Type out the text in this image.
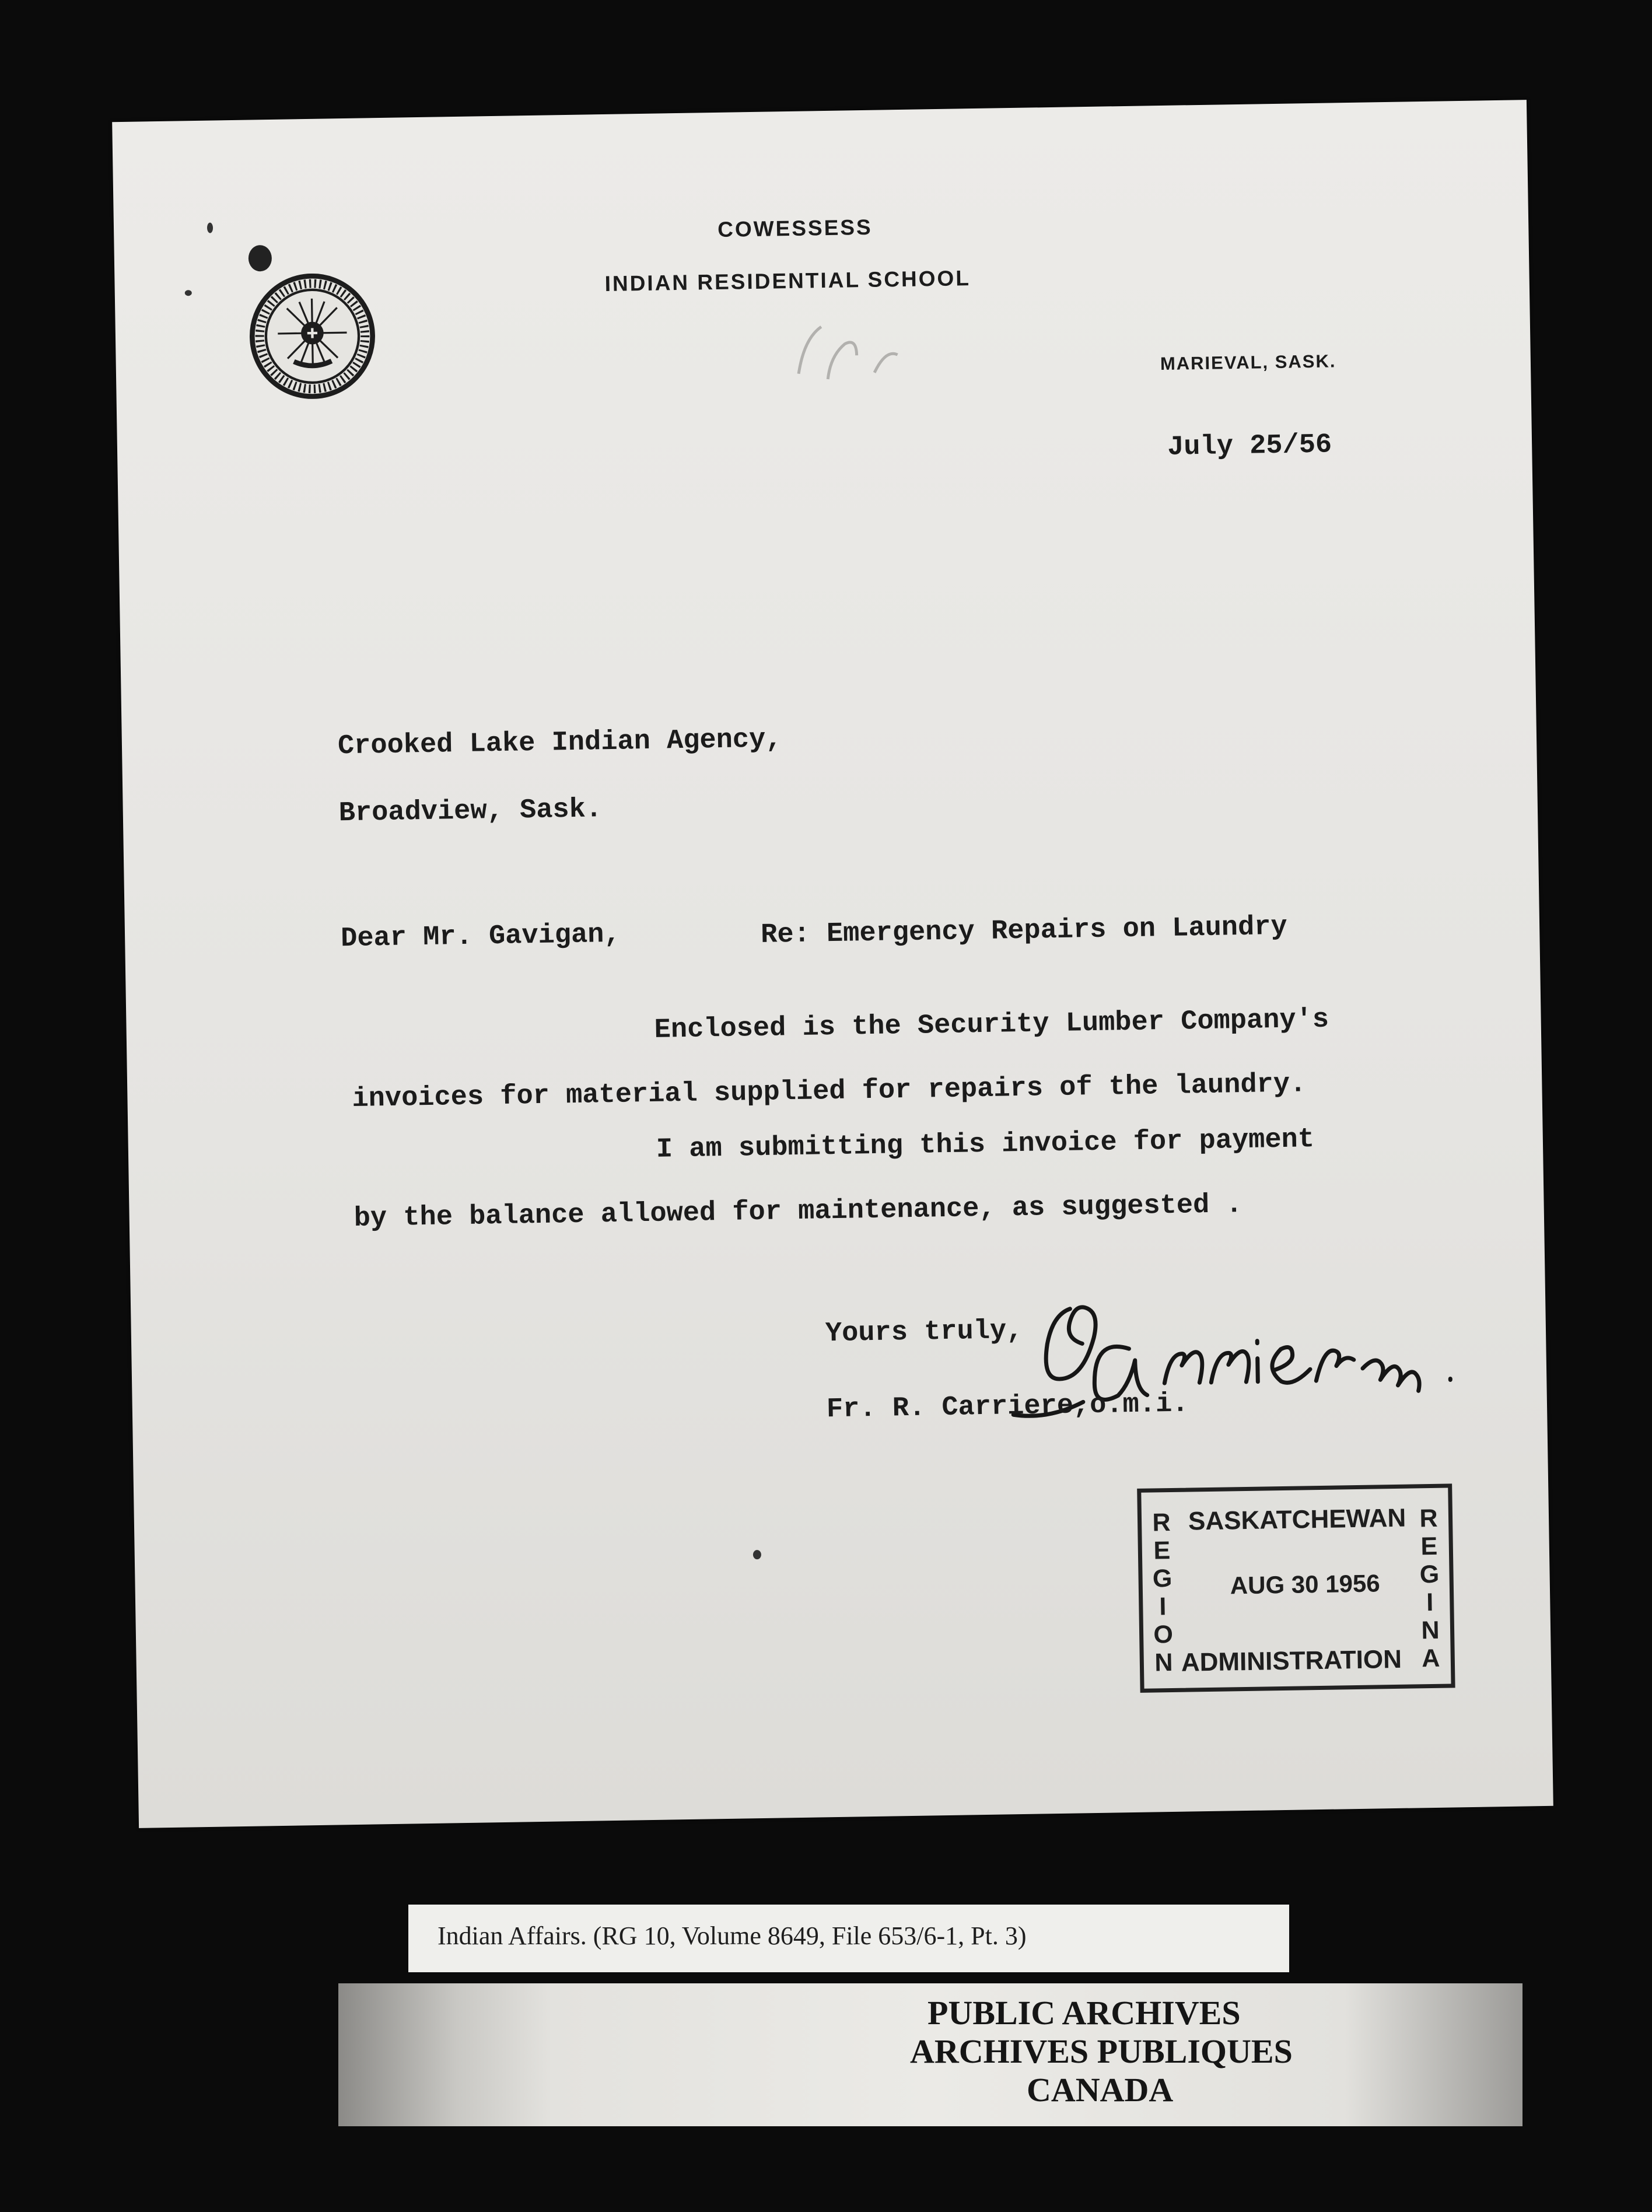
COWESSESS
INDIAN RESIDENTIAL SCHOOL
MARIEVAL, SASK.
July 25/56
Crooked Lake Indian Agency,
Broadview, Sask.
Dear Mr. Gavigan,	Re: Emergency Repairs on Laundry
Enclosed is the Security Lumber Company's
invoices for material supplied for repairs of the laundry.
I am submitting this invoice for payment
by the balance allowed for maintenance, as suggested .
Yours truly,
Fr. R. Carriere,o.m.i.
R
E
G
I
O
N
R
E
G
I
N
A
SASKATCHEWAN
AUG 30 1956
ADMINISTRATION
Indian Affairs. (RG 10, Volume 8649, File 653/6-1, Pt. 3)
PUBLIC ARCHIVES
ARCHIVES PUBLIQUES
CANADA
